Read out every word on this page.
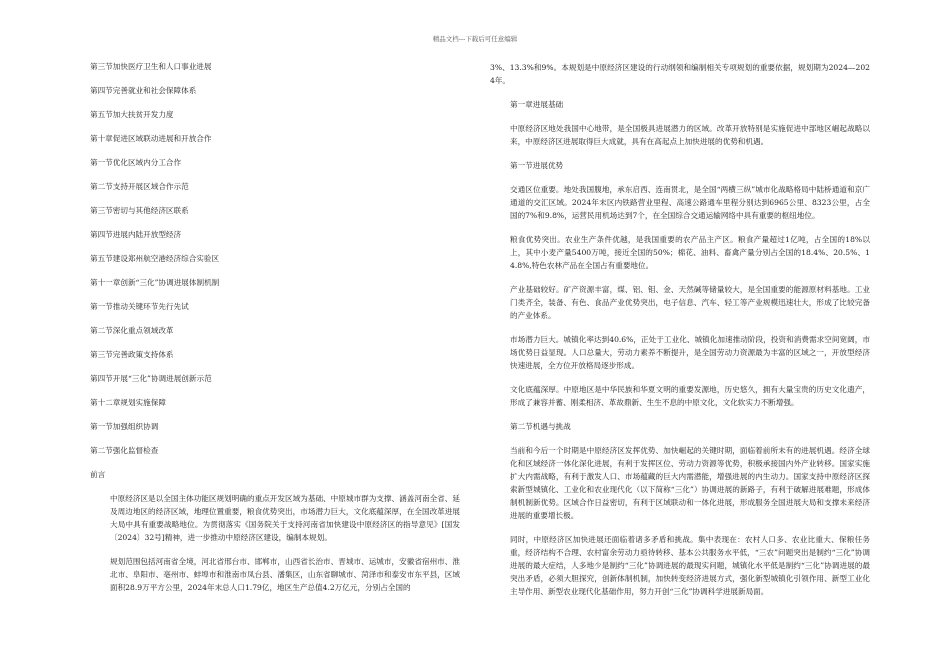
精品文档---下载后可任意编辑
第三节加快医疗卫生和人口事业进展
第四节完善就业和社会保障体系
第五节加大扶贫开发力度
第十章促进区域联动进展和开放合作
第一节优化区域内分工合作
第二节支持开展区域合作示范
第三节密切与其他经济区联系
第四节进展内陆开放型经济
第五节建设郑州航空港经济综合实验区
第十一章创新“三化”协调进展体制机制
第一节推动关键环节先行先试
第二节深化重点领域改革
第三节完善政策支持体系
第四节开展“三化”协调进展创新示范
第十二章规划实施保障
第一节加强组织协调
第二节强化监督检查
前言

中原经济区是以全国主体功能区规划明确的重点开发区域为基础、中原城市群为支撑、涵盖河南全省、延及周边地区的经济区域，地理位置重要，粮食优势突出，市场潜力巨大，文化底蕴深厚，在全国改革进展大局中具有重要战略地位。为贯彻落实《国务院关于支持河南省加快建设中原经济区的指导意见》[国发〔2024〕32号]精神，进一步推动中原经济区建设，编制本规划。

规划范围包括河南省全境，河北省邢台市、邯郸市，山西省长治市、晋城市、运城市，安徽省宿州市、淮北市、阜阳市、亳州市、蚌埠市和淮南市凤台县、潘集区，山东省聊城市、菏泽市和泰安市东平县，区域面积28.9万平方公里，2024年末总人口1.79亿，地区生产总值4.2万亿元，分别占全国的

3%、13.3%和9%。本规划是中原经济区建设的行动纲领和编制相关专项规划的重要依据，规划期为2024—2024年。

第一章进展基础

中原经济区地处我国中心地带，是全国极具进展潜力的区域。改革开放特别是实施促进中部地区崛起战略以来，中原经济区进展取得巨大成就，具有在高起点上加快进展的优势和机遇。

第一节进展优势

交通区位重要。地处我国腹地，承东启西、连南贯北，是全国“两横三纵”城市化战略格局中陆桥通道和京广通道的交汇区域。2024年末区内铁路营业里程、高速公路通车里程分别达到6965公里、8323公里，占全国的7%和9.8%，运营民用机场达到7个，在全国综合交通运输网络中具有重要的枢纽地位。

粮食优势突出。农业生产条件优越，是我国重要的农产品主产区。粮食产量超过1亿吨，占全国的18%以上，其中小麦产量5400万吨，接近全国的50%；棉花、油料、畜禽产量分别占全国的18.4%、20.5%、14.8%,特色农林产品在全国占有重要地位。

产业基础较好。矿产资源丰富，煤、铝、钼、金、天然碱等储量较大，是全国重要的能源原材料基地。工业门类齐全，装备、有色、食品产业优势突出，电子信息、汽车、轻工等产业规模迅速壮大，形成了比较完备的产业体系。

市场潜力巨大。城镇化率达到40.6%，正处于工业化、城镇化加速推动阶段，投资和消费需求空间宽阔，市场优势日益显现。人口总量大，劳动力素养不断提升，是全国劳动力资源最为丰富的区域之一，开放型经济快速进展，全方位开放格局逐步形成。

文化底蕴深厚。中原地区是中华民族和华夏文明的重要发源地，历史悠久，拥有大量宝贵的历史文化遗产，形成了兼容并蓄、刚柔相济、革故鼎新、生生不息的中原文化，文化软实力不断增强。

第二节机遇与挑战

当前和今后一个时期是中原经济区发挥优势、加快崛起的关键时期，面临着前所未有的进展机遇。经济全球化和区域经济一体化深化进展，有利于发挥区位、劳动力资源等优势，积极承接国内外产业转移。国家实施扩大内需战略，有利于激发人口、市场蕴藏的巨大内需潜能，增强进展的内生动力。国家支持中原经济区探索新型城镇化、工业化和农业现代化（以下简称“三化”）协调进展的新路子，有利于破解进展难题，形成体制机制新优势。区域合作日益密切，有利于区域联动和一体化进展，形成服务全国进展大局和支撑未来经济进展的重要增长极。

同时，中原经济区加快进展还面临着诸多矛盾和挑战。集中表现在：农村人口多、农业比重大、保粮任务重，经济结构不合理、农村富余劳动力亟待转移、基本公共服务水平低，“三农”问题突出是制约“三化”协调进展的最大症结，人多地少是制约“三化”协调进展的最现实问题，城镇化水平低是制约“三化”协调进展的最突出矛盾，必须大胆探究，创新体制机制，加快转变经济进展方式，强化新型城镇化引领作用、新型工业化主导作用、新型农业现代化基础作用，努力开创“三化”协调科学进展新局面。
